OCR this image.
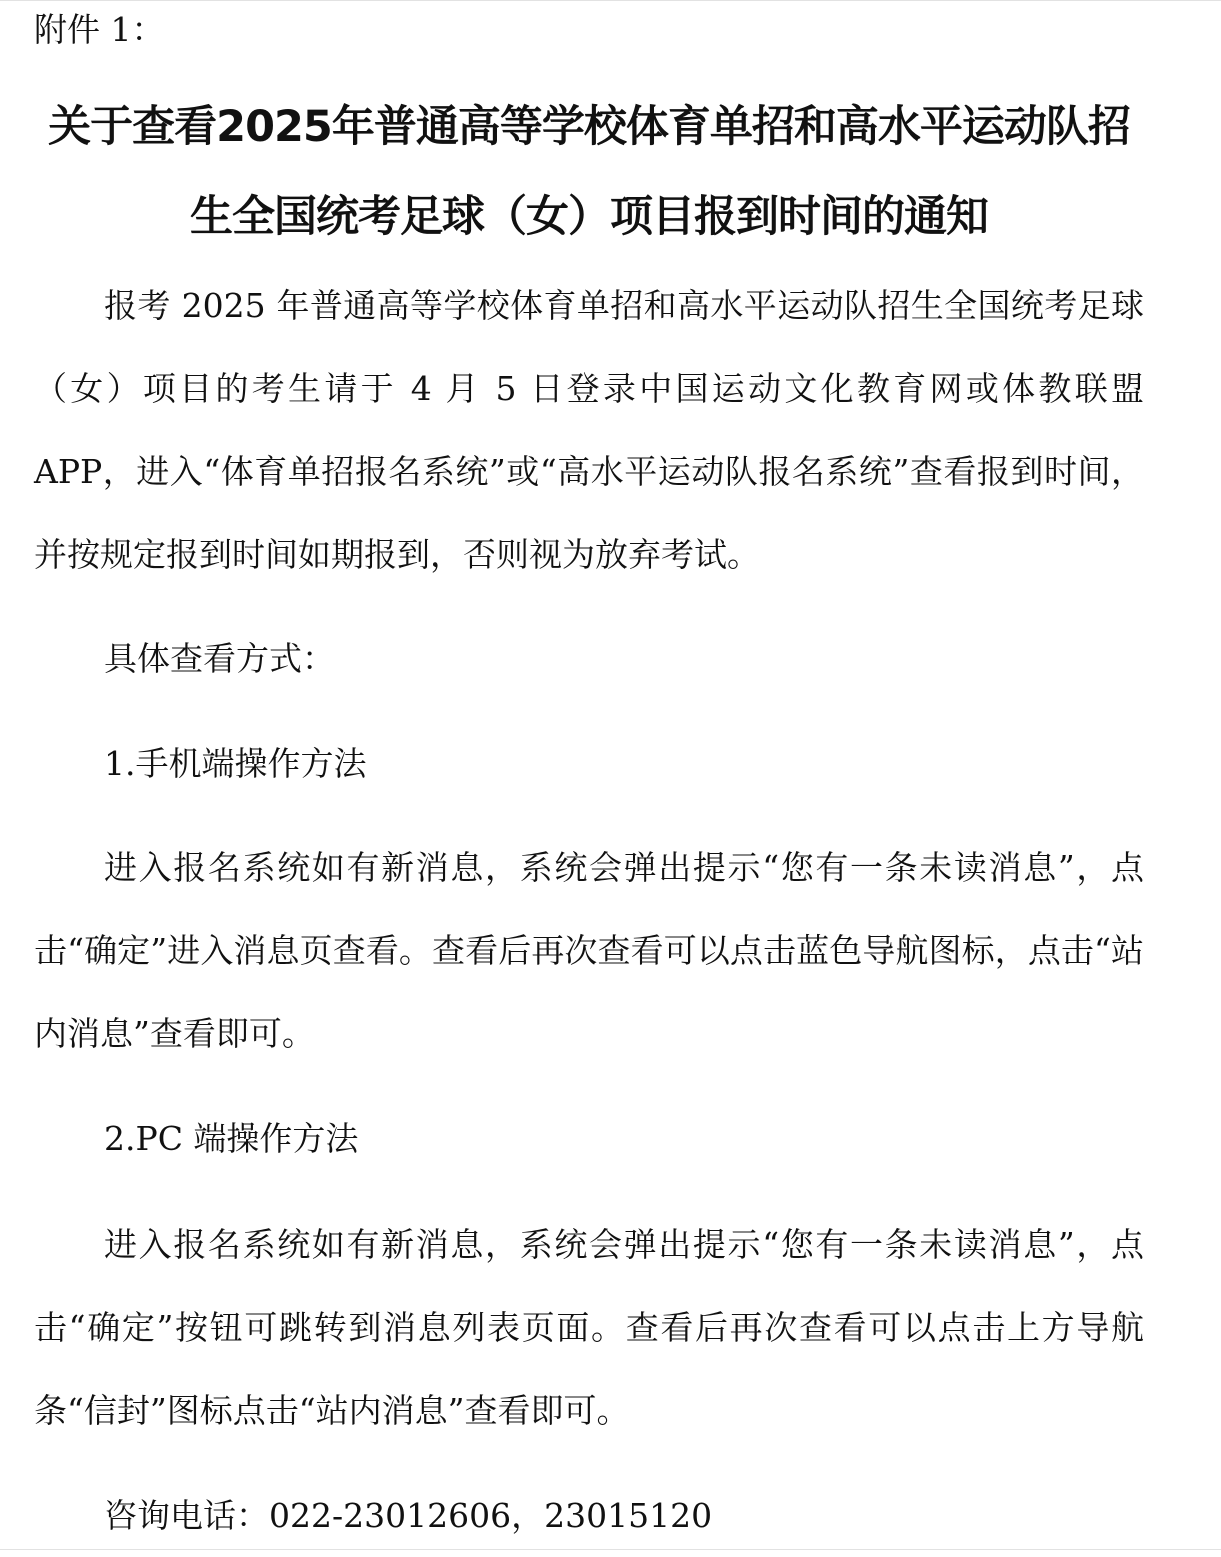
附件 1：
关于查看2025年普通高等学校体育单招和高水平运动队招
生全国统考足球（女）项目报到时间的通知

报考 2025 年普通高等学校体育单招和高水平运动队招生全国统考足球（女）项目的考生请于 4 月 5 日登录中国运动文化教育网或体教联盟 APP，进入“体育单招报名系统”或“高水平运动队报名系统”查看报到时间，并按规定报到时间如期报到，否则视为放弃考试。

具体查看方式：

1.手机端操作方法

进入报名系统如有新消息，系统会弹出提示“您有一条未读消息”，点击“确定”进入消息页查看。查看后再次查看可以点击蓝色导航图标，点击“站内消息”查看即可。

2.PC 端操作方法

进入报名系统如有新消息，系统会弹出提示“您有一条未读消息”，点击“确定”按钮可跳转到消息列表页面。查看后再次查看可以点击上方导航条“信封”图标点击“站内消息”查看即可。

咨询电话：022-23012606，23015120
